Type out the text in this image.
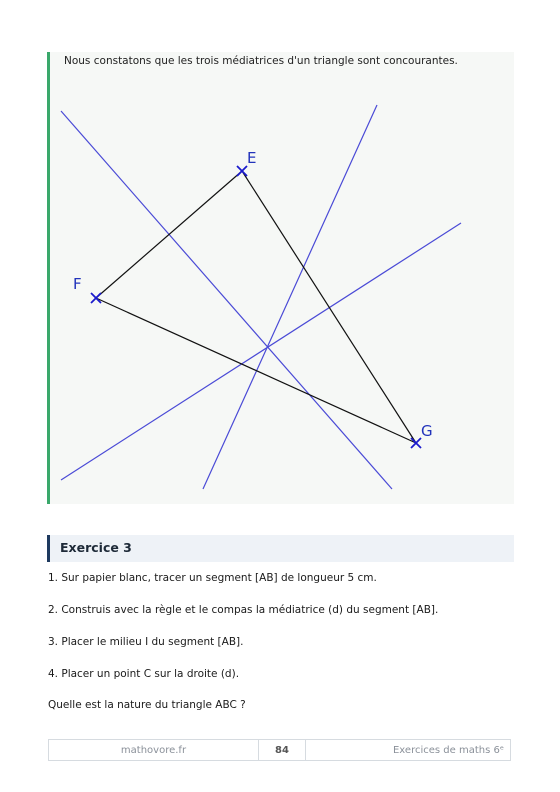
Nous constatons que les trois médiatrices d'un triangle sont concourantes.
E
F
G
Exercice 3
1. Sur papier blanc, tracer un segment [AB] de longueur 5 cm.
2. Construis avec la règle et le compas la médiatrice (d) du segment [AB].
3. Placer le milieu I du segment [AB].
4. Placer un point C sur la droite (d).
Quelle est la nature du triangle ABC ?
mathovore.fr	84	Exercices de maths 6ᵉ
